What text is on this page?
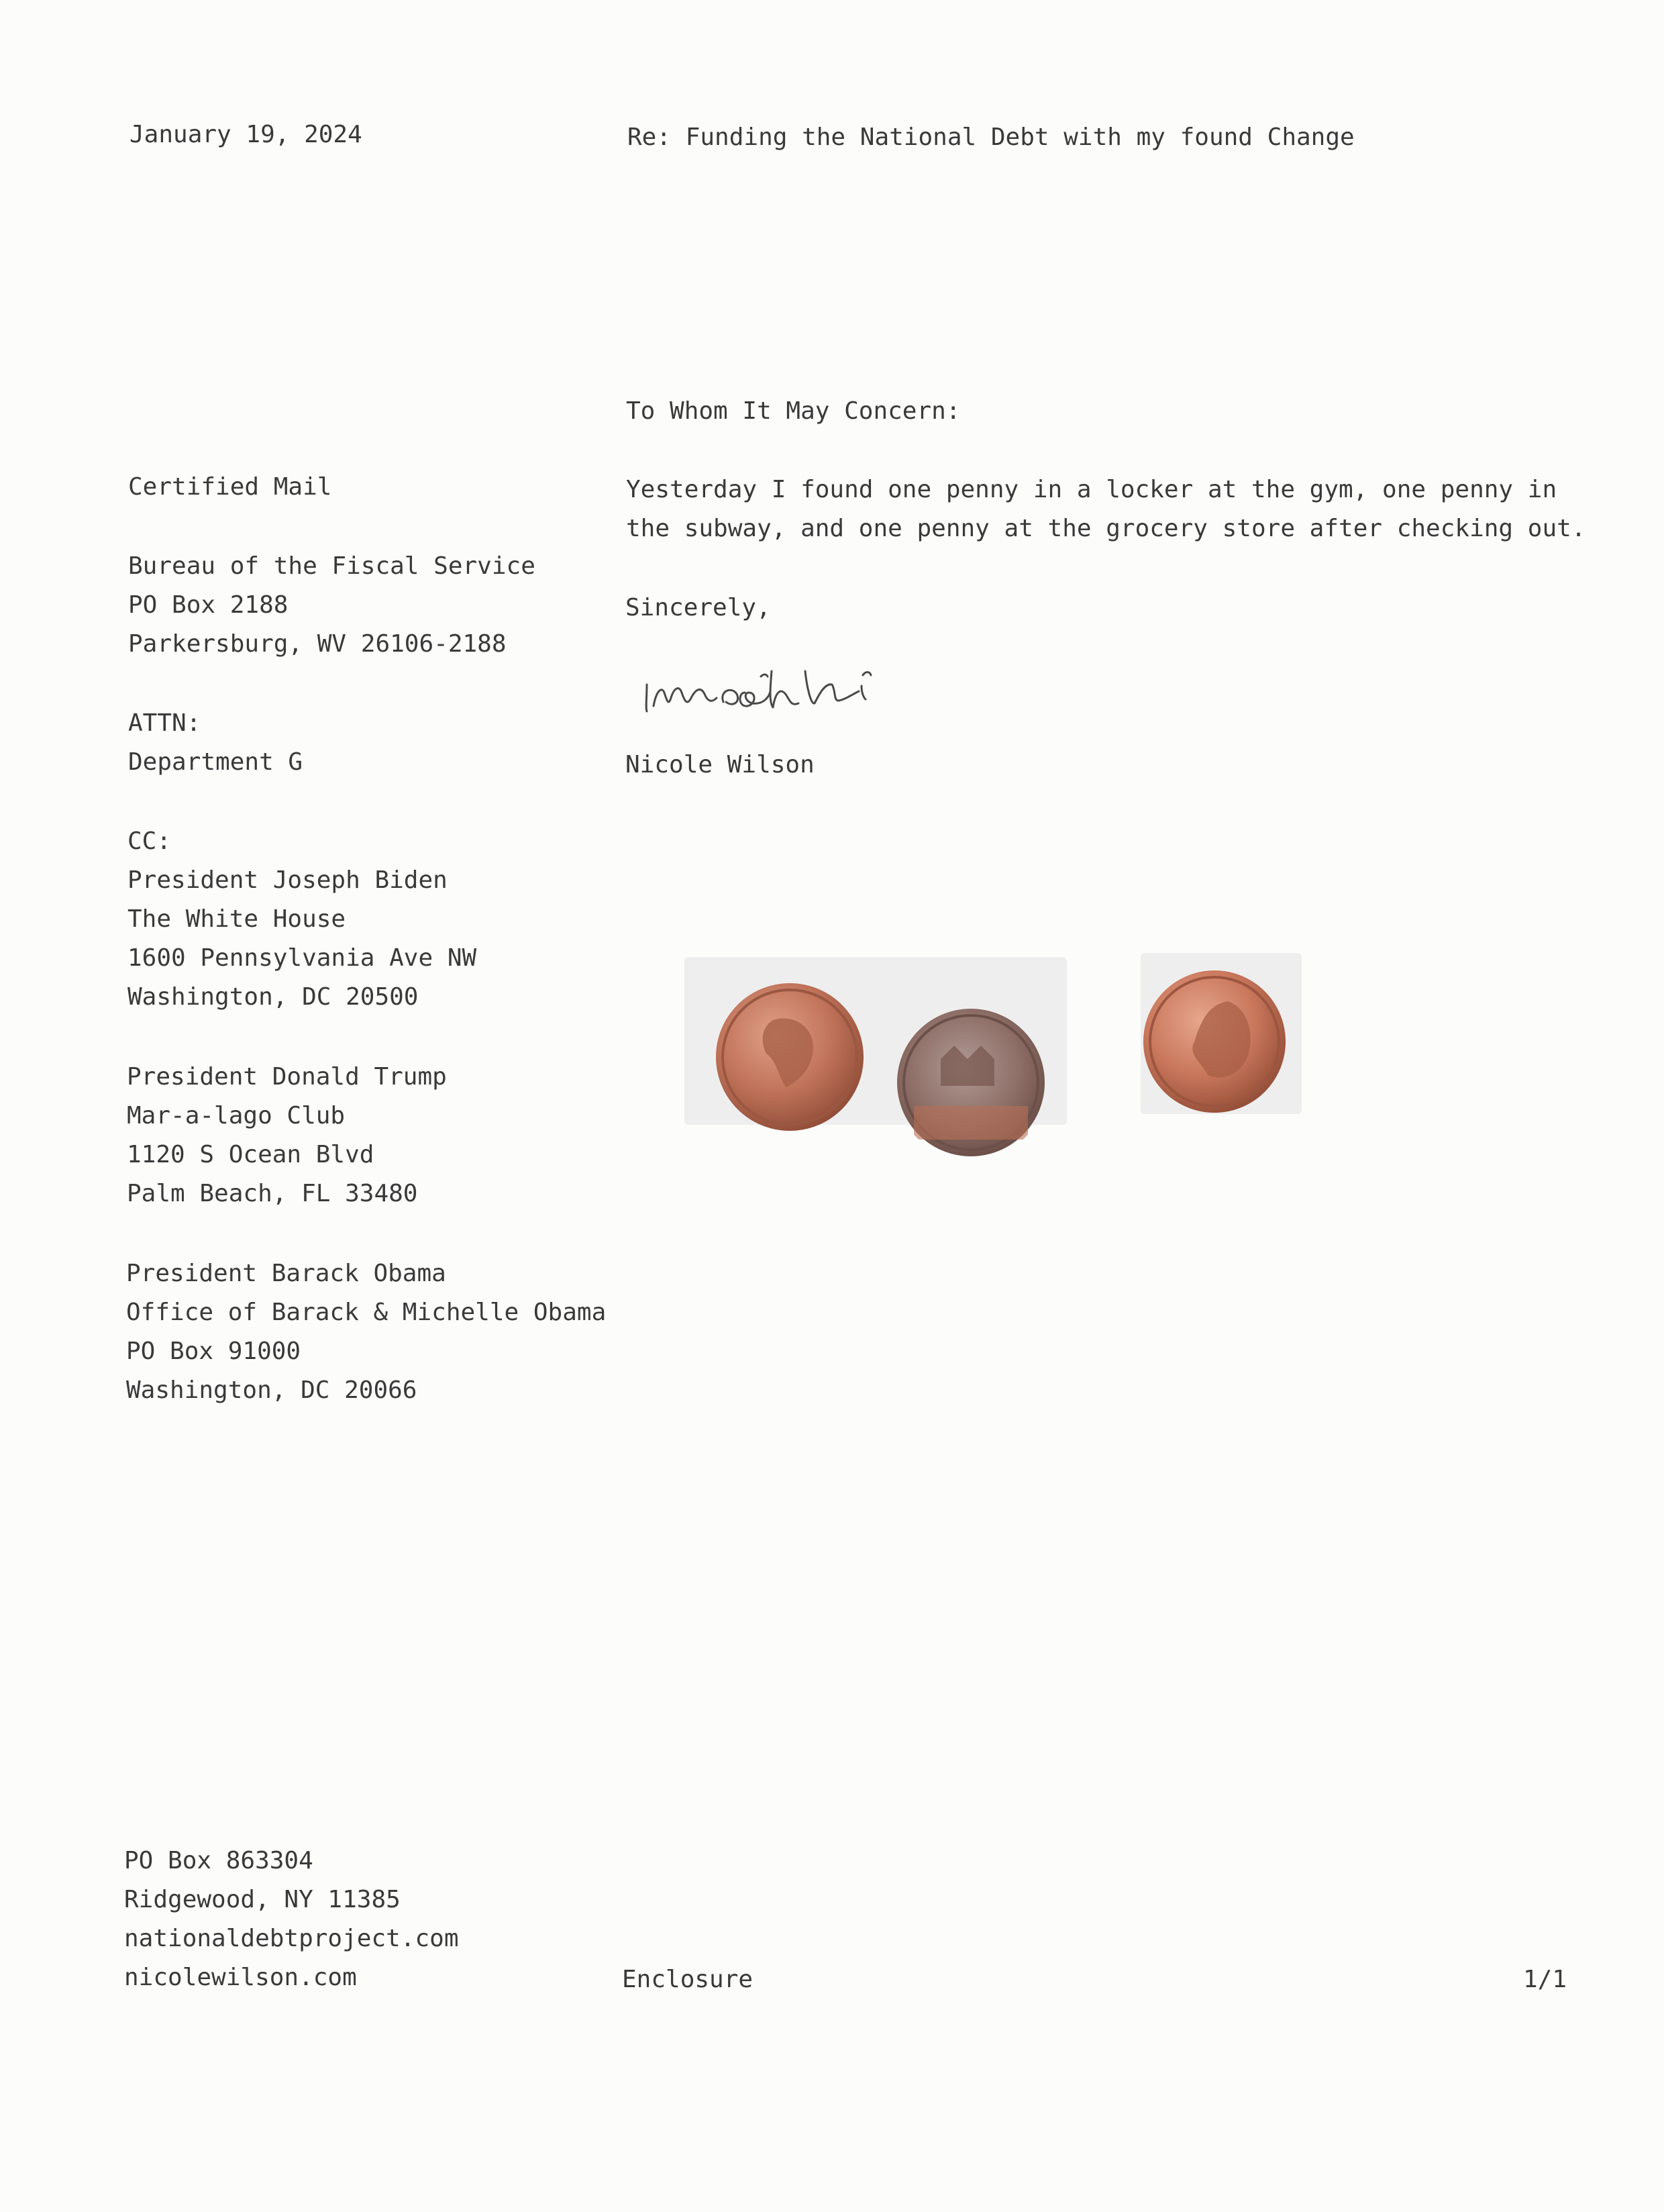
January 19, 2024	Re: Funding the National Debt with my found Change
Certified Mail
Bureau of the Fiscal Service
PO Box 2188
Parkersburg, WV 26106-2188
ATTN:
Department G
CC:
President Joseph Biden
The White House
1600 Pennsylvania Ave NW
Washington, DC 20500
President Donald Trump
Mar-a-lago Club
1120 S Ocean Blvd
Palm Beach, FL 33480
President Barack Obama
Office of Barack & Michelle Obama
PO Box 91000
Washington, DC 20066
To Whom It May Concern:
Yesterday I found one penny in a locker at the gym, one penny in
the subway, and one penny at the grocery store after checking out.
Sincerely,
Nicole Wilson
PO Box 863304
Ridgewood, NY 11385
nationaldebtproject.com
nicolewilson.com	Enclosure	1/1
